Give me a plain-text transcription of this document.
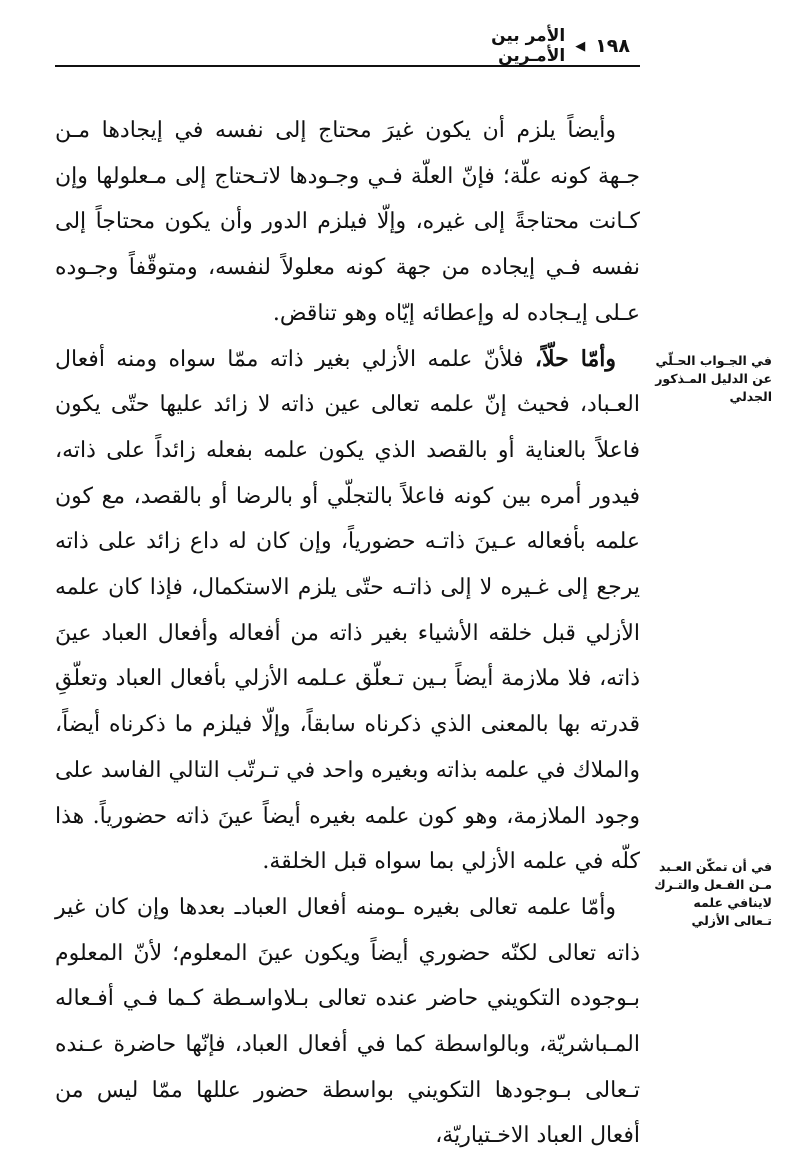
١٩٨
◀
الأمر بين الأمـرين

وأيضاً يلزم أن يكون غيرَ محتاج إلى نفسه في إيجادها مـن جـهة كونه علّة؛ فإنّ العلّة فـي وجـودها لاتـحتاج إلى مـعلولها وإن كـانت محتاجةً إلى غيره، وإلّا فيلزم الدور وأن يكون محتاجاً إلى نفسه فـي إيجاده من جهة كونه معلولاً لنفسه، ومتوقّفاً وجـوده عـلى إيـجاده له وإعطائه إيّاه وهو تناقض.

وأمّا حلّاً، فلأنّ علمه الأزلي بغير ذاته ممّا سواه ومنه أفعال العـباد، فحيث إنّ علمه تعالى عين ذاته لا زائد عليها حتّى يكون فاعلاً بالعناية أو بالقصد الذي يكون علمه بفعله زائداً على ذاته، فيدور أمره بين كونه فاعلاً بالتجلّي أو بالرضا أو بالقصد، مع كون علمه بأفعاله عـينَ ذاتـه حضورياً، وإن كان له داع زائد على ذاته يرجع إلى غـيره لا إلى ذاتـه حتّى يلزم الاستكمال، فإذا كان علمه الأزلي قبل خلقه الأشياء بغير ذاته من أفعاله وأفعال العباد عينَ ذاته، فلا ملازمة أيضاً بـين تـعلّق عـلمه الأزلي بأفعال العباد وتعلّقِ قدرته بها بالمعنى الذي ذكرناه سابقاً، وإلّا فيلزم ما ذكرناه أيضاً، والملاك في علمه بذاته وبغيره واحد في تـرتّب التالي الفاسد على وجود الملازمة، وهو كون علمه بغيره أيضاً عينَ ذاته حضورياً. هذا كلّه في علمه الأزلي بما سواه قبل الخلقة.

وأمّا علمه تعالى بغيره ـومنه أفعال العبادـ بعدها وإن كان غير ذاته تعالى لكنّه حضوري أيضاً ويكون عينَ المعلوم؛ لأنّ المعلوم بـوجوده التكويني حاضر عنده تعالى بـلاواسـطة كـما فـي أفـعاله المـباشريّة، وبالواسطة كما في أفعال العباد، فإنّها حاضرة عـنده تـعالى بـوجودها التكويني بواسطة حضور عللها ممّا ليس من أفعال العباد الاخـتياريّة،

في الجـواب الحـلّي عن الدليل المـذكور الجدلي
في أن تمكّن العـبد مـن الفـعل والتـرك لاينافي علمه تـعالى الأزلي
